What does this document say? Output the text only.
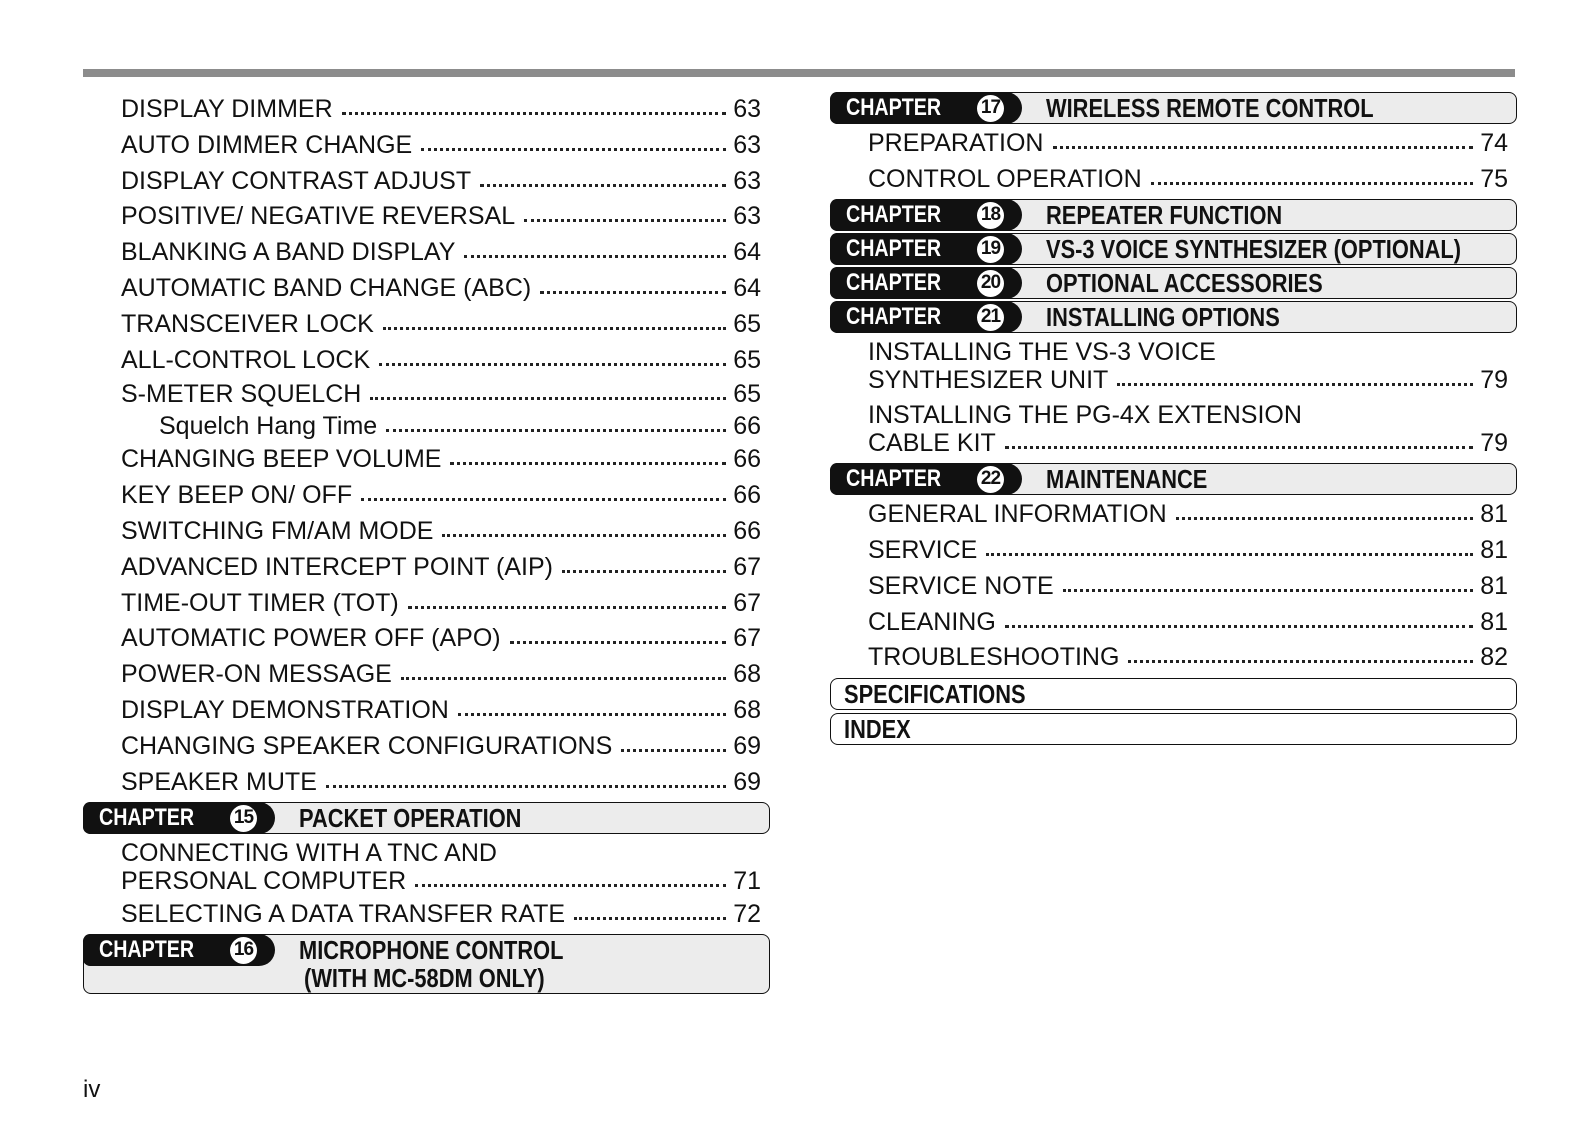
DISPLAY DIMMER	63
AUTO DIMMER CHANGE	63
DISPLAY CONTRAST ADJUST	63
POSITIVE/ NEGATIVE REVERSAL	63
BLANKING A BAND DISPLAY	64
AUTOMATIC BAND CHANGE (ABC)	64
TRANSCEIVER LOCK	65
ALL-CONTROL LOCK	65
S-METER SQUELCH	65
Squelch Hang Time	66
CHANGING BEEP VOLUME	66
KEY BEEP ON/ OFF	66
SWITCHING FM/AM MODE	66
ADVANCED INTERCEPT POINT (AIP)	67
TIME-OUT TIMER (TOT)	67
AUTOMATIC POWER OFF (APO)	67
POWER-ON MESSAGE	68
DISPLAY DEMONSTRATION	68
CHANGING SPEAKER CONFIGURATIONS	69
SPEAKER MUTE	69
CHAPTER 15 PACKET OPERATION
CONNECTING WITH A TNC AND
PERSONAL COMPUTER	71
SELECTING A DATA TRANSFER RATE	72
CHAPTER 16 MICROPHONE CONTROL
(WITH MC-58DM ONLY)
CHAPTER 17 WIRELESS REMOTE CONTROL
PREPARATION	74
CONTROL OPERATION	75
CHAPTER 18 REPEATER FUNCTION
CHAPTER 19 VS-3 VOICE SYNTHESIZER (OPTIONAL)
CHAPTER 20 OPTIONAL ACCESSORIES
CHAPTER 21 INSTALLING OPTIONS
INSTALLING THE VS-3 VOICE
SYNTHESIZER UNIT	79
INSTALLING THE PG-4X EXTENSION
CABLE KIT	79
CHAPTER 22 MAINTENANCE
GENERAL INFORMATION	81
SERVICE	81
SERVICE NOTE	81
CLEANING	81
TROUBLESHOOTING	82
SPECIFICATIONS
INDEX
iv
